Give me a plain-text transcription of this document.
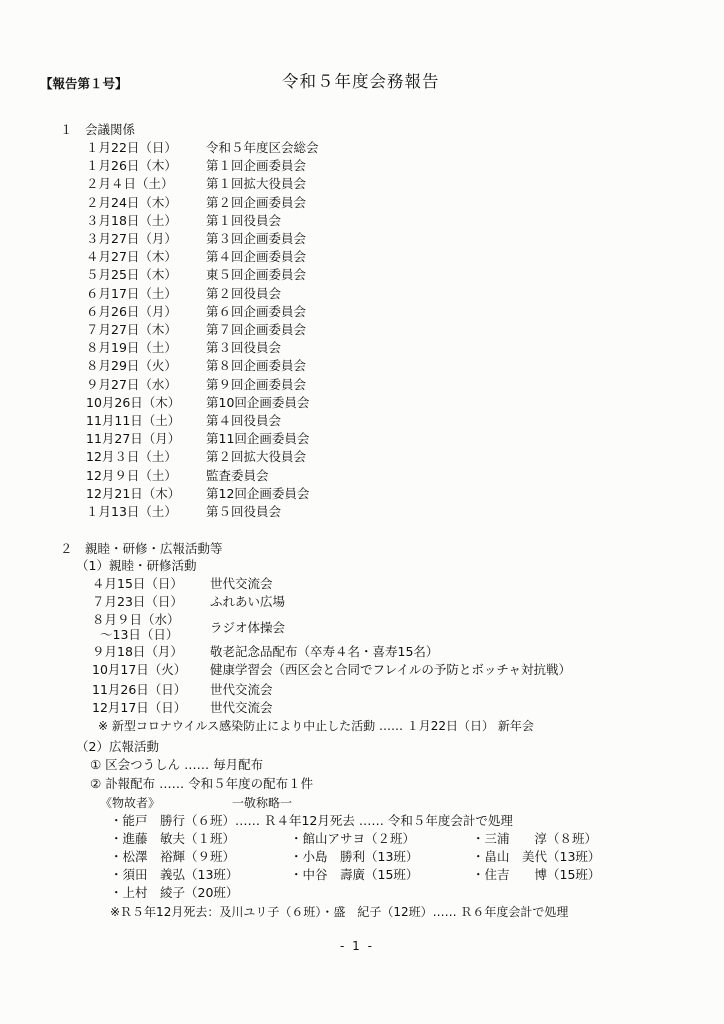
【報告第１号】	令和５年度会務報告
１　会議関係
１月22日（日） 令和５年度区会総会
１月26日（木） 第１回企画委員会
２月４日（土）	第１回拡大役員会
２月24日（木） 第２回企画委員会
３月18日（土） 第１回役員会
３月27日（月） 第３回企画委員会
４月27日（木） 第４回企画委員会
５月25日（木） 東５回企画委員会
６月17日（土） 第２回役員会
６月26日（月） 第６回企画委員会
７月27日（木） 第７回企画委員会
８月19日（土） 第３回役員会
８月29日（火） 第８回企画委員会
９月27日（水） 第９回企画委員会
10月26日（木） 第10回企画委員会
11月11日（土） 第４回役員会
11月27日（月） 第11回企画委員会
12月３日（土） 第２回拡大役員会
12月９日（土） 監査委員会
12月21日（木） 第12回企画委員会
１月13日（土） 第５回役員会
２　親睦・研修・広報活動等
（1）親睦・研修活動
４月15日（日） 世代交流会
７月23日（日） ふれあい広場
８月９日（水）
～13日（日）	ラジオ体操会
９月18日（月） 敬老記念品配布（卒寿４名・喜寿15名）
10月17日（火） 健康学習会（西区会と合同でフレイルの予防とボッチャ対抗戦）
11月26日（日） 世代交流会
12月17日（日） 世代交流会
※ 新型コロナウイルス感染防止により中止した活動 …… １月22日（日） 新年会
（2）広報活動
① 区会つうしん …… 毎月配布
② 訃報配布 …… 令和５年度の配布１件
《物故者》	一敬称略一
・能戸　勝行（６班）…… Ｒ４年12月死去 …… 令和５年度会計で処理
・進藤　敏夫（１班）	・館山アサヨ（２班）	・三浦　　淳（８班）
・松澤　裕輝（９班）	・小島　勝利（13班）	・畠山　美代（13班）
・須田　義弘（13班）	・中谷　壽廣（15班）	・住吉　　博（15班）
・上村　綾子（20班）
※Ｒ５年12月死去：及川ユリ子（６班）・盛　紀子（12班）…… Ｒ６年度会計で処理
- 1 -
